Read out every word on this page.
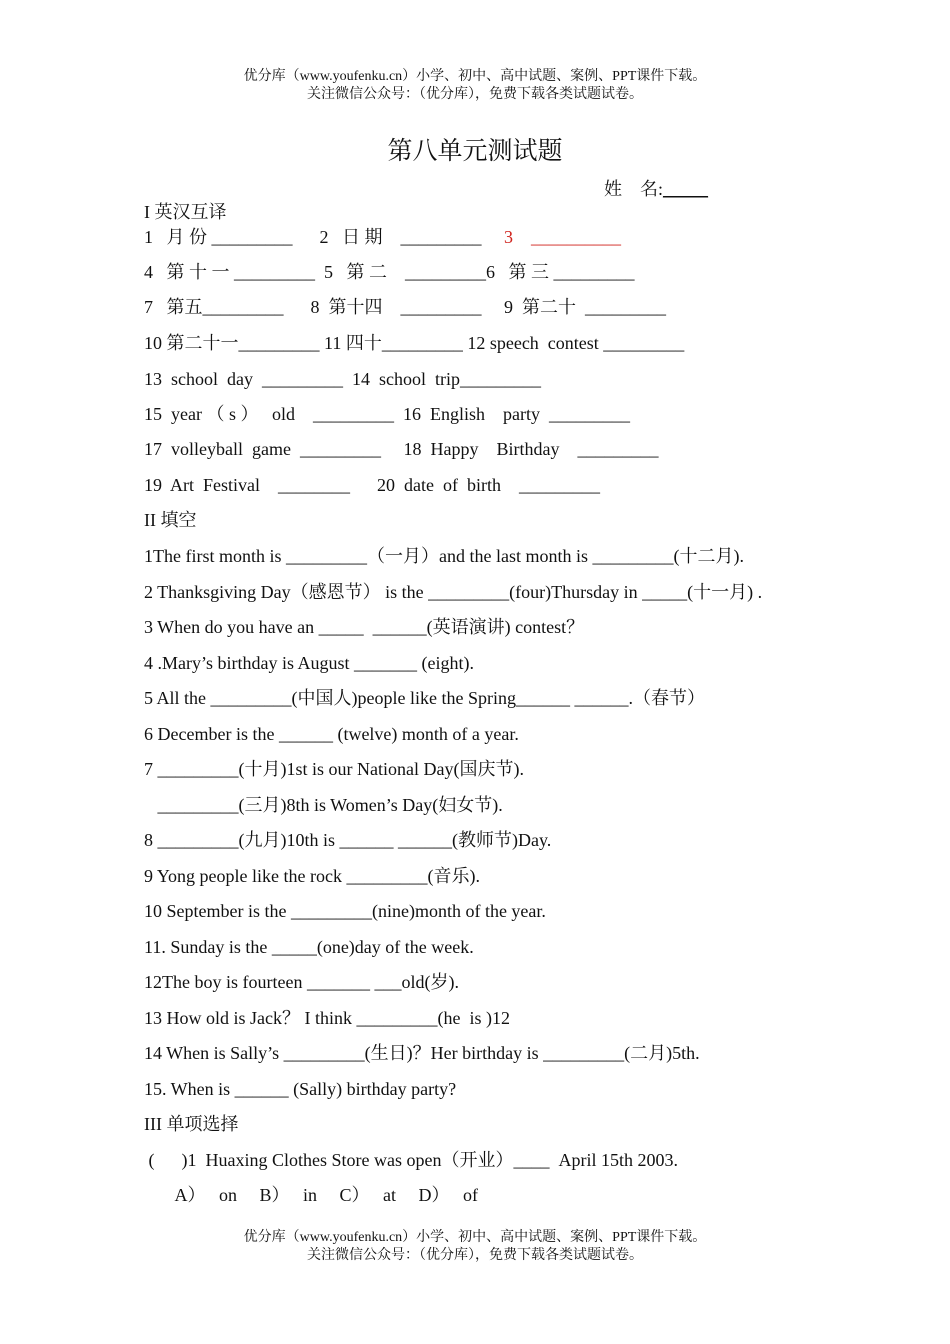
优分库（www.youfenku.cn）小学、初中、高中试题、案例、PPT课件下载。
关注微信公众号：（优分库），免费下载各类试题试卷。
第八单元测试题
姓　名:_____
I 英汉互译
1   月 份 _________      2   日 期    _________     3    __________
4   第 十 一 _________  5   第 二    _________6   第 三 _________
7   第五_________      8  第十四    _________     9  第二十  _________
10 第二十一_________ 11 四十_________ 12 speech  contest _________
13  school  day  _________  14  school  trip_________
15  year （ s ）   old    _________  16  English    party  _________
17  volleyball  game  _________     18  Happy    Birthday    _________
19  Art  Festival    ________      20  date  of  birth    _________
II 填空
1The first month is _________（一月）and the last month is _________(十二月).
2 Thanksgiving Day（感恩节） is the _________(four)Thursday in _____(十一月) .
3 When do you have an _____  ______(英语演讲) contest？
4 .Mary’s birthday is August _______ (eight).
5 All the _________(中国人)people like the Spring______ ______.（春节）
6 December is the ______ (twelve) month of a year.
7 _________(十月)1st is our National Day(国庆节).
_________(三月)8th is Women’s Day(妇女节).
8 _________(九月)10th is ______ ______(教师节)Day.
9 Yong people like the rock _________(音乐).
10 September is the _________(nine)month of the year.
11. Sunday is the _____(one)day of the week.
12The boy is fourteen _______ ___old(岁).
13 How old is Jack？ I think _________(he  is )12
14 When is Sally’s _________(生日)？Her birthday is _________(二月)5th.
15. When is ______ (Sally) birthday party?
III 单项选择
(      )1  Huaxing Clothes Store was open（开业）____  April 15th 2003.
A）   on     B）   in     C）   at     D）   of
优分库（www.youfenku.cn）小学、初中、高中试题、案例、PPT课件下载。
关注微信公众号：（优分库），免费下载各类试题试卷。
